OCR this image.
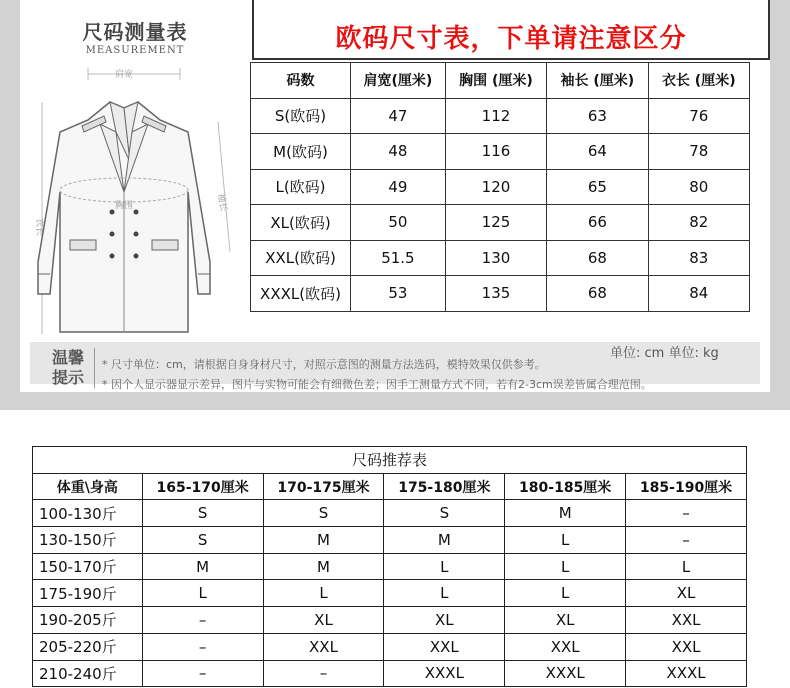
尺码测量表
MEASUREMENT
肩宽
衣长
袖长
胸围
欧码尺寸表，下单请注意区分
码数	肩宽(厘米)	胸围 (厘米)	袖长 (厘米)	衣长 (厘米)
S(欧码)	47	112	63	76
M(欧码)	48	116	64	78
L(欧码)	49	120	65	80
XL(欧码)	50	125	66	82
XXL(欧码)	51.5	130	68	83
XXXL(欧码)	53	135	68	84
单位: cm 单位: kg
温馨提示
* 尺寸单位：cm，请根据自身身材尺寸，对照示意图的测量方法选码，模特效果仅供参考。
* 因个人显示器显示差异，图片与实物可能会有细微色差；因手工测量方式不同，若有2-3cm误差皆属合理范围。
尺码推荐表					
体重\身高	165-170厘米	170-175厘米	175-180厘米	180-185厘米	185-190厘米
100-130斤	S	S	S	M	–
130-150斤	S	M	M	L	–
150-170斤	M	M	L	L	L
175-190斤	L	L	L	L	XL
190-205斤	–	XL	XL	XL	XXL
205-220斤	–	XXL	XXL	XXL	XXL
210-240斤	–	–	XXXL	XXXL	XXXL
